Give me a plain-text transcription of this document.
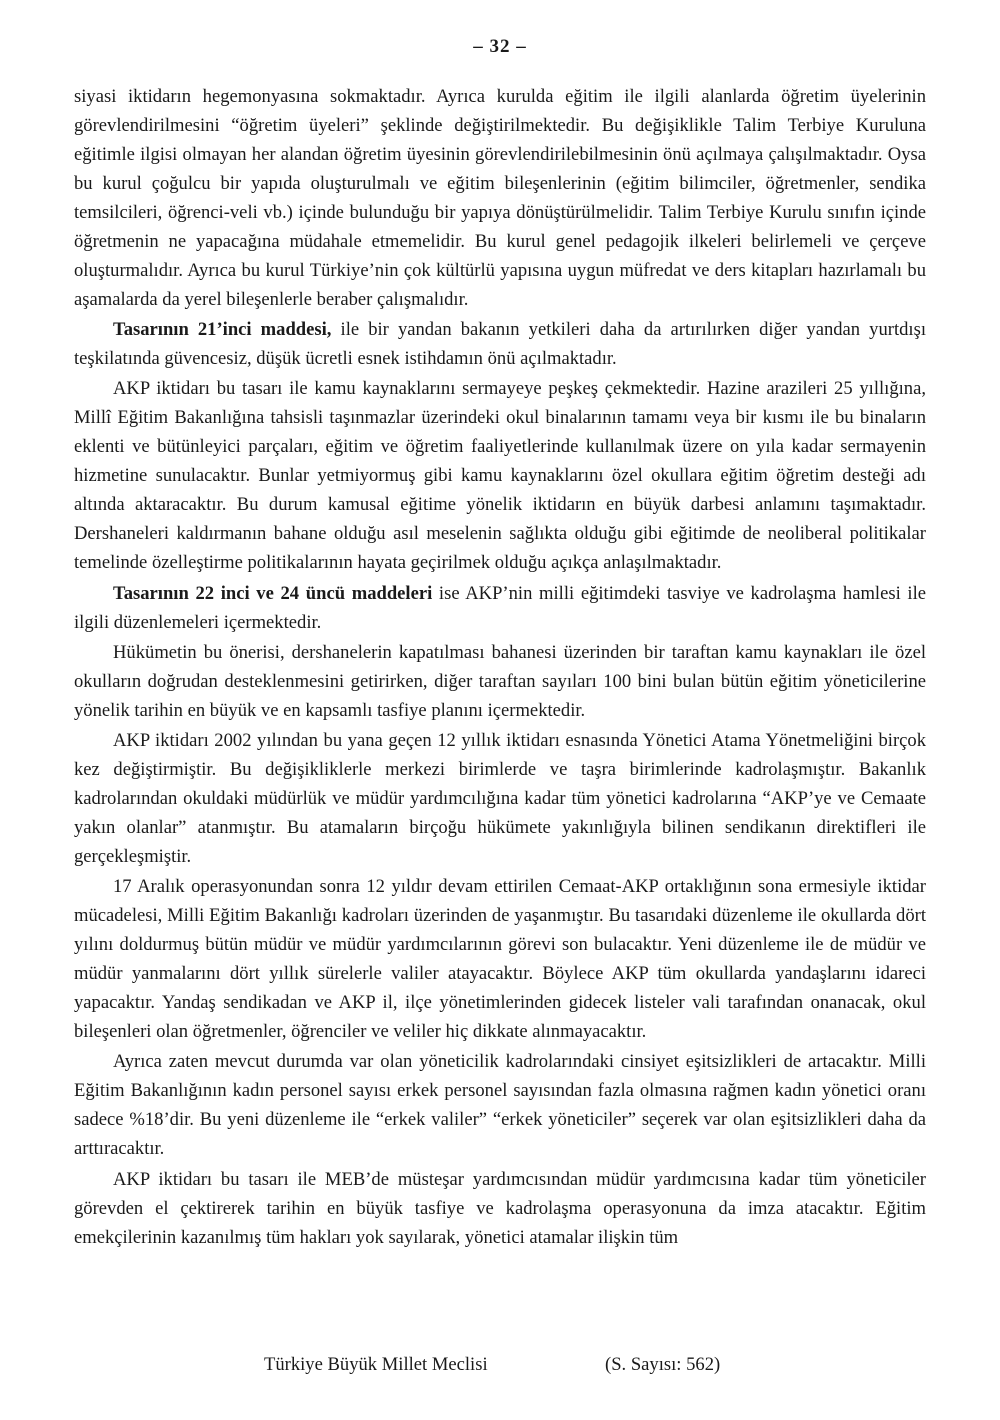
– 32 –

siyasi iktidarın hegemonyasına sokmaktadır. Ayrıca kurulda eğitim ile ilgili alanlarda öğretim üyelerinin görevlendirilmesini “öğretim üyeleri” şeklinde değiştirilmektedir. Bu değişiklikle Talim Terbiye Kuruluna eğitimle ilgisi olmayan her alandan öğretim üyesinin görevlendirilebilmesinin önü açılmaya çalışılmaktadır. Oysa bu kurul çoğulcu bir yapıda oluşturulmalı ve eğitim bileşenlerinin (eğitim bilimciler, öğretmenler, sendika temsilcileri, öğrenci-veli vb.) içinde bulunduğu bir yapıya dönüştürülmelidir. Talim Terbiye Kurulu sınıfın içinde öğretmenin ne yapacağına müdahale etmemelidir. Bu kurul genel pedagojik ilkeleri belirlemeli ve çerçeve oluşturmalıdır. Ayrıca bu kurul Türkiye’nin çok kültürlü yapısına uygun müfredat ve ders kitapları hazırlamalı bu aşamalarda da yerel bileşenlerle beraber çalışmalıdır.

Tasarının 21’inci maddesi, ile bir yandan bakanın yetkileri daha da artırılırken diğer yandan yurtdışı teşkilatında güvencesiz, düşük ücretli esnek istihdamın önü açılmaktadır.

AKP iktidarı bu tasarı ile kamu kaynaklarını sermayeye peşkeş çekmektedir. Hazine arazileri 25 yıllığına, Millî Eğitim Bakanlığına tahsisli taşınmazlar üzerindeki okul binalarının tamamı veya bir kısmı ile bu binaların eklenti ve bütünleyici parçaları, eğitim ve öğretim faaliyetlerinde kullanılmak üzere on yıla kadar sermayenin hizmetine sunulacaktır. Bunlar yetmiyormuş gibi kamu kaynaklarını özel okullara eğitim öğretim desteği adı altında aktaracaktır. Bu durum kamusal eğitime yönelik iktidarın en büyük darbesi anlamını taşımaktadır. Dershaneleri kaldırmanın bahane olduğu asıl meselenin sağlıkta olduğu gibi eğitimde de neoliberal politikalar temelinde özelleştirme politikalarının hayata geçirilmek olduğu açıkça anlaşılmaktadır.

Tasarının 22 inci ve 24 üncü maddeleri ise AKP’nin milli eğitimdeki tasviye ve kadrolaşma hamlesi ile ilgili düzenlemeleri içermektedir.

Hükümetin bu önerisi, dershanelerin kapatılması bahanesi üzerinden bir taraftan kamu kaynakları ile özel okulların doğrudan desteklenmesini getirirken, diğer taraftan sayıları 100 bini bulan bütün eğitim yöneticilerine yönelik tarihin en büyük ve en kapsamlı tasfiye planını içermektedir.

AKP iktidarı 2002 yılından bu yana geçen 12 yıllık iktidarı esnasında Yönetici Atama Yönetmeliğini birçok kez değiştirmiştir. Bu değişikliklerle merkezi birimlerde ve taşra birimlerinde kadrolaşmıştır. Bakanlık kadrolarından okuldaki müdürlük ve müdür yardımcılığına kadar tüm yönetici kadrolarına “AKP’ye ve Cemaate yakın olanlar” atanmıştır. Bu atamaların birçoğu hükümete yakınlığıyla bilinen sendikanın direktifleri ile gerçekleşmiştir.

17 Aralık operasyonundan sonra 12 yıldır devam ettirilen Cemaat-AKP ortaklığının sona ermesiyle iktidar mücadelesi, Milli Eğitim Bakanlığı kadroları üzerinden de yaşanmıştır. Bu tasarıdaki düzenleme ile okullarda dört yılını doldurmuş bütün müdür ve müdür yardımcılarının görevi son bulacaktır. Yeni düzenleme ile de müdür ve müdür yanmalarını dört yıllık sürelerle valiler atayacaktır. Böylece AKP tüm okullarda yandaşlarını idareci yapacaktır. Yandaş sendikadan ve AKP il, ilçe yönetimlerinden gidecek listeler vali tarafından onanacak, okul bileşenleri olan öğretmenler, öğrenciler ve veliler hiç dikkate alınmayacaktır.

Ayrıca zaten mevcut durumda var olan yöneticilik kadrolarındaki cinsiyet eşitsizlikleri de artacaktır. Milli Eğitim Bakanlığının kadın personel sayısı erkek personel sayısından fazla olmasına rağmen kadın yönetici oranı sadece %18’dir. Bu yeni düzenleme ile “erkek valiler” “erkek yöneticiler” seçerek var olan eşitsizlikleri daha da arttıracaktır.

AKP iktidarı bu tasarı ile MEB’de müsteşar yardımcısından müdür yardımcısına kadar tüm yöneticiler görevden el çektirerek tarihin en büyük tasfiye ve kadrolaşma operasyonuna da imza atacaktır. Eğitim emekçilerinin kazanılmış tüm hakları yok sayılarak, yönetici atamalar ilişkin tüm

Türkiye Büyük Millet Meclisi	(S. Sayısı: 562)
